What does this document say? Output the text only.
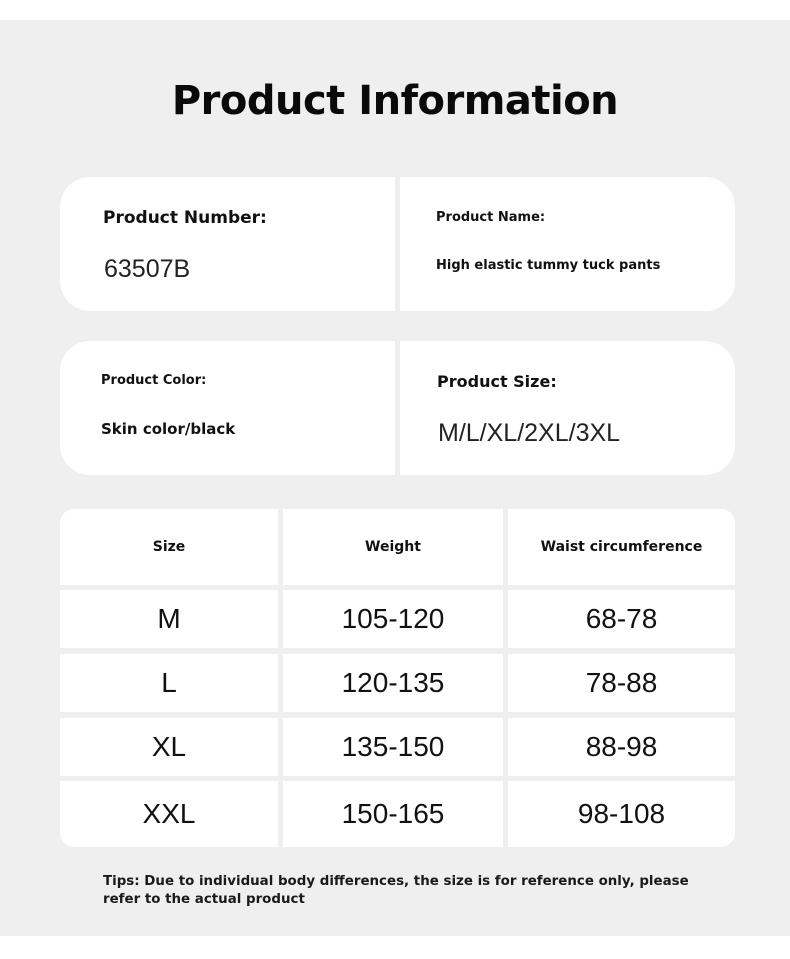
Product Information
Product Number:
63507B
Product Name:
High elastic tummy tuck pants
Product Color:
Skin color/black
Product Size:
M/L/XL/2XL/3XL
Size	Weight	Waist circumference
M	105-120	68-78
L	120-135	78-88
XL	135-150	88-98
XXL	150-165	98-108

Tips: Due to individual body differences, the size is for reference only, please refer to the actual product
